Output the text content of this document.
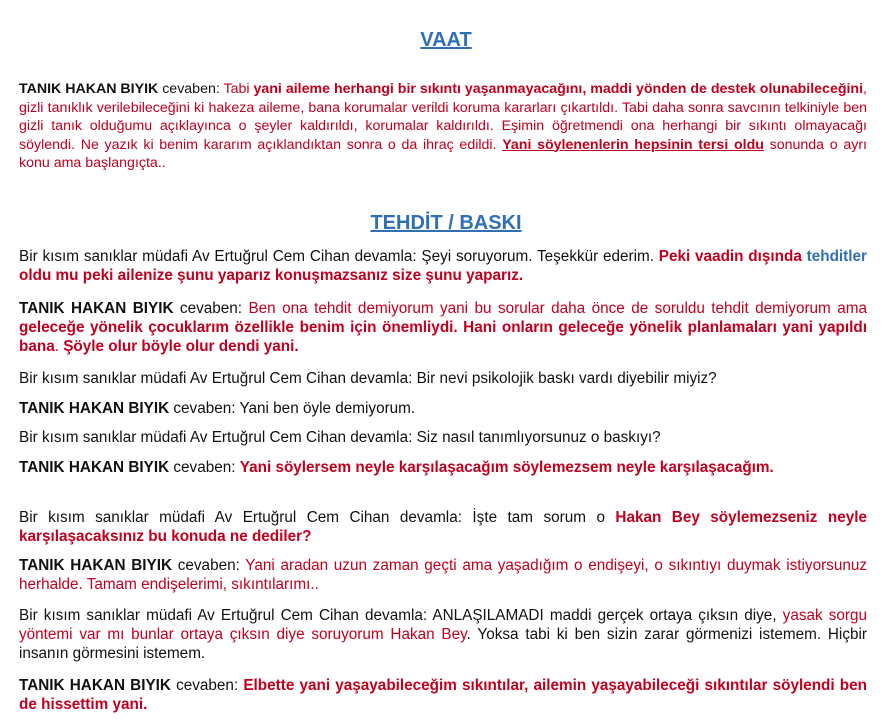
VAAT

TANIK HAKAN BIYIK cevaben: Tabi yani aileme herhangi bir sıkıntı yaşanmayacağını, maddi yönden de destek olunabileceğini, gizli tanıklık verilebileceğini ki hakeza aileme, bana korumalar verildi koruma kararları çıkartıldı. Tabi daha sonra savcının telkiniyle ben gizli tanık olduğumu açıklayınca o şeyler kaldırıldı, korumalar kaldırıldı. Eşimin öğretmendi ona herhangi bir sıkıntı olmayacağı söylendi. Ne yazık ki benim kararım açıklandıktan sonra o da ihraç edildi. Yani söylenenlerin hepsinin tersi oldu sonunda o ayrı konu ama başlangıçta..

TEHDİT / BASKI

Bir kısım sanıklar müdafi Av Ertuğrul Cem Cihan devamla: Şeyi soruyorum. Teşekkür ederim. Peki vaadin dışında tehditler oldu mu peki ailenize şunu yaparız konuşmazsanız size şunu yaparız.

TANIK HAKAN BIYIK cevaben: Ben ona tehdit demiyorum yani bu sorular daha önce de soruldu tehdit demiyorum ama geleceğe yönelik çocuklarım özellikle benim için önemliydi. Hani onların geleceğe yönelik planlamaları yani yapıldı bana. Şöyle olur böyle olur dendi yani.

Bir kısım sanıklar müdafi Av Ertuğrul Cem Cihan devamla: Bir nevi psikolojik baskı vardı diyebilir miyiz?

TANIK HAKAN BIYIK cevaben: Yani ben öyle demiyorum.

Bir kısım sanıklar müdafi Av Ertuğrul Cem Cihan devamla: Siz nasıl tanımlıyorsunuz o baskıyı?

TANIK HAKAN BIYIK cevaben: Yani söylersem neyle karşılaşacağım söylemezsem neyle karşılaşacağım.

Bir kısım sanıklar müdafi Av Ertuğrul Cem Cihan devamla: İşte tam sorum o Hakan Bey söylemezseniz neyle karşılaşacaksınız bu konuda ne dediler?

TANIK HAKAN BIYIK cevaben: Yani aradan uzun zaman geçti ama yaşadığım o endişeyi, o sıkıntıyı duymak istiyorsunuz herhalde. Tamam endişelerimi, sıkıntılarımı..

Bir kısım sanıklar müdafi Av Ertuğrul Cem Cihan devamla: ANLAŞILAMADI maddi gerçek ortaya çıksın diye, yasak sorgu yöntemi var mı bunlar ortaya çıksın diye soruyorum Hakan Bey. Yoksa tabi ki ben sizin zarar görmenizi istemem. Hiçbir insanın görmesini istemem.

TANIK HAKAN BIYIK cevaben: Elbette yani yaşayabileceğim sıkıntılar, ailemin yaşayabileceği sıkıntılar söylendi ben de hissettim yani.
